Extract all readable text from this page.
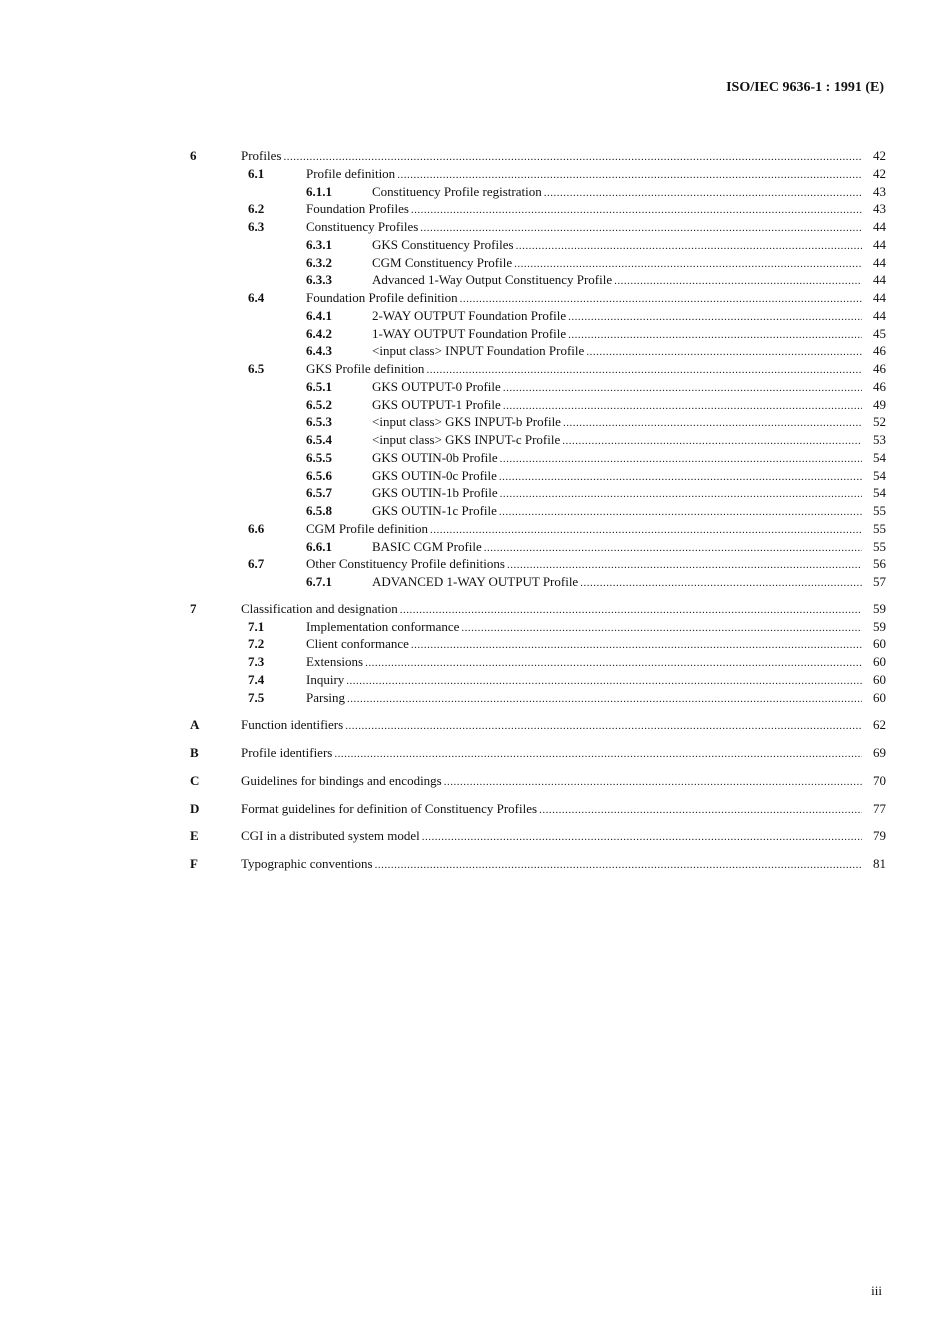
ISO/IEC 9636-1 : 1991 (E)
6	Profiles .....	42
6.1	Profile definition .....	42
6.1.1	Constituency Profile registration .....	43
6.2	Foundation Profiles .....	43
6.3	Constituency Profiles .....	44
6.3.1	GKS Constituency Profiles .....	44
6.3.2	CGM Constituency Profile .....	44
6.3.3	Advanced 1-Way Output Constituency Profile .....	44
6.4	Foundation Profile definition .....	44
6.4.1	2-WAY OUTPUT Foundation Profile .....	44
6.4.2	1-WAY OUTPUT Foundation Profile .....	45
6.4.3	<input class> INPUT Foundation Profile .....	46
6.5	GKS Profile definition .....	46
6.5.1	GKS OUTPUT-0 Profile .....	46
6.5.2	GKS OUTPUT-1 Profile .....	49
6.5.3	<input class> GKS INPUT-b Profile .....	52
6.5.4	<input class> GKS INPUT-c Profile .....	53
6.5.5	GKS OUTIN-0b Profile .....	54
6.5.6	GKS OUTIN-0c Profile .....	54
6.5.7	GKS OUTIN-1b Profile .....	54
6.5.8	GKS OUTIN-1c Profile .....	55
6.6	CGM Profile definition .....	55
6.6.1	BASIC CGM Profile .....	55
6.7	Other Constituency Profile definitions .....	56
6.7.1	ADVANCED 1-WAY OUTPUT Profile .....	57
7	Classification and designation .....	59
7.1	Implementation conformance .....	59
7.2	Client conformance .....	60
7.3	Extensions .....	60
7.4	Inquiry .....	60
7.5	Parsing .....	60
A	Function identifiers .....	62
B	Profile identifiers .....	69
C	Guidelines for bindings and encodings .....	70
D	Format guidelines for definition of Constituency Profiles .....	77
E	CGI in a distributed system model .....	79
F	Typographic conventions .....	81
iii
